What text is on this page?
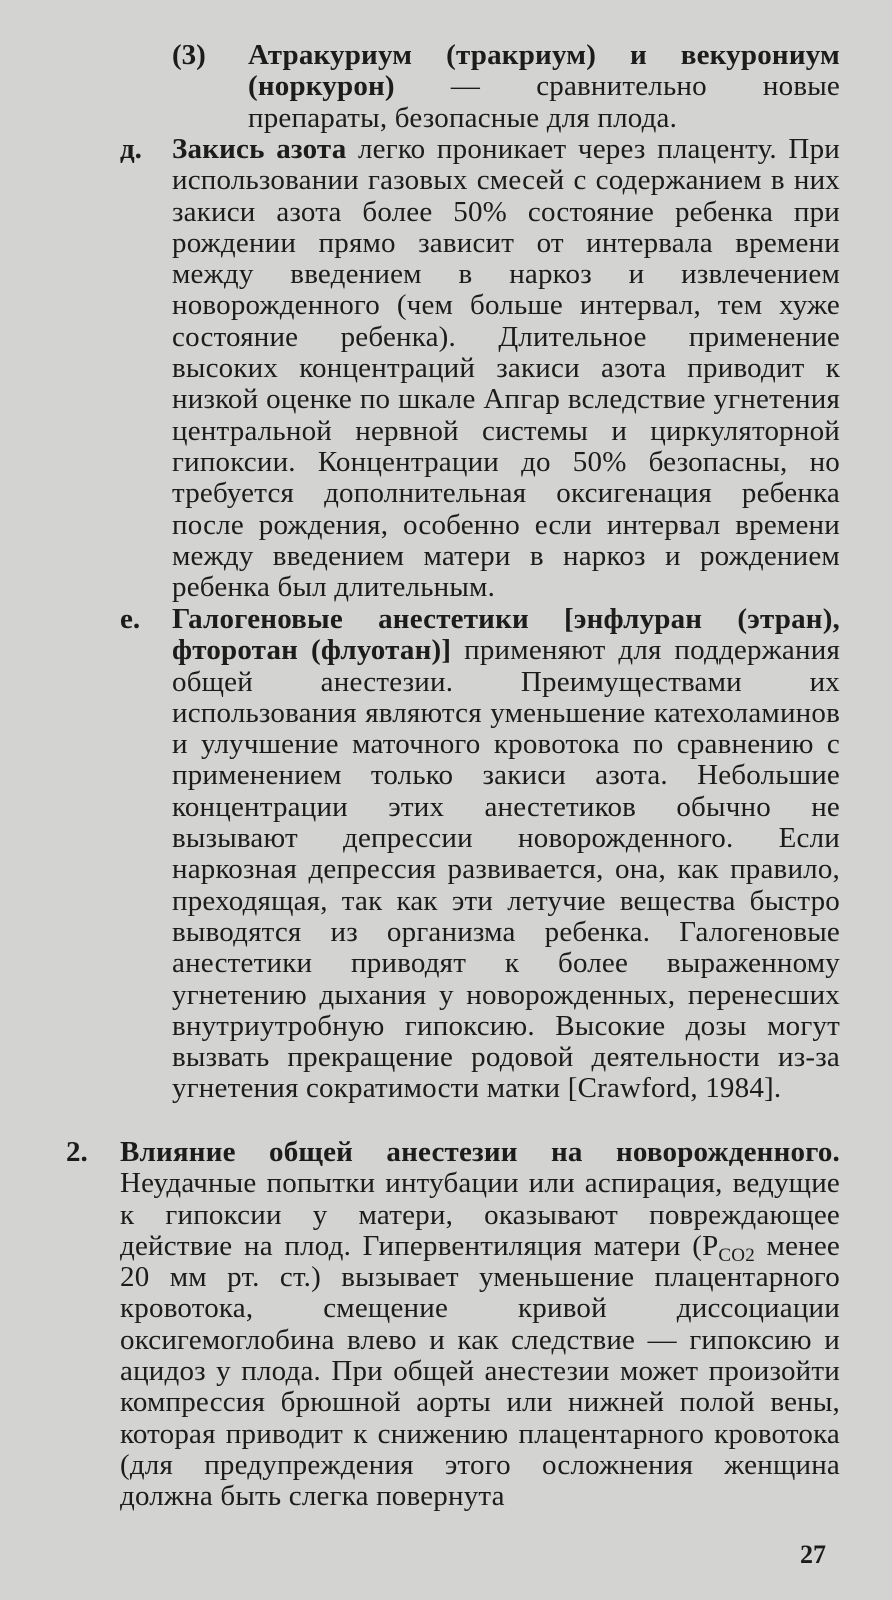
(3) Атракуриум (тракриум) и векурониум (норкурон) — сравнительно новые препараты, безопасные для плода.
д. Закись азота легко проникает через плаценту. При использовании газовых смесей с содержанием в них закиси азота более 50% состояние ребенка при рождении прямо зависит от интервала времени между введением в наркоз и извлечением новорожденного (чем больше интервал, тем хуже состояние ребенка). Длительное применение высоких концентраций закиси азота приводит к низкой оценке по шкале Апгар вследствие угнетения центральной нервной системы и циркуляторной гипоксии. Концентрации до 50% безопасны, но требуется дополнительная оксигенация ребенка после рождения, особенно если интервал времени между введением матери в наркоз и рождением ребенка был длительным.
е. Галогеновые анестетики [энфлуран (этран), фторотан (флуотан)] применяют для поддержания общей анестезии. Преимуществами их использования являются уменьшение катехоламинов и улучшение маточного кровотока по сравнению с применением только закиси азота. Небольшие концентрации этих анестетиков обычно не вызывают депрессии новорожденного. Если наркозная депрессия развивается, она, как правило, преходящая, так как эти летучие вещества быстро выводятся из организма ребенка. Галогеновые анестетики приводят к более выраженному угнетению дыхания у новорожденных, перенесших внутриутробную гипоксию. Высокие дозы могут вызвать прекращение родовой деятельности из-за угнетения сократимости матки [Crawford, 1984].
2. Влияние общей анестезии на новорожденного. Неудачные попытки интубации или аспирация, ведущие к гипоксии у матери, оказывают повреждающее действие на плод. Гипервентиляция матери ($P_{CO2}$ менее 20 мм рт. ст.) вызывает уменьшение плацентарного кровотока, смещение кривой диссоциации оксигемоглобина влево и как следствие — гипоксию и ацидоз у плода. При общей анестезии может произойти компрессия брюшной аорты или нижней полой вены, которая приводит к снижению плацентарного кровотока (для предупреждения этого осложнения женщина должна быть слегка повернута
27
